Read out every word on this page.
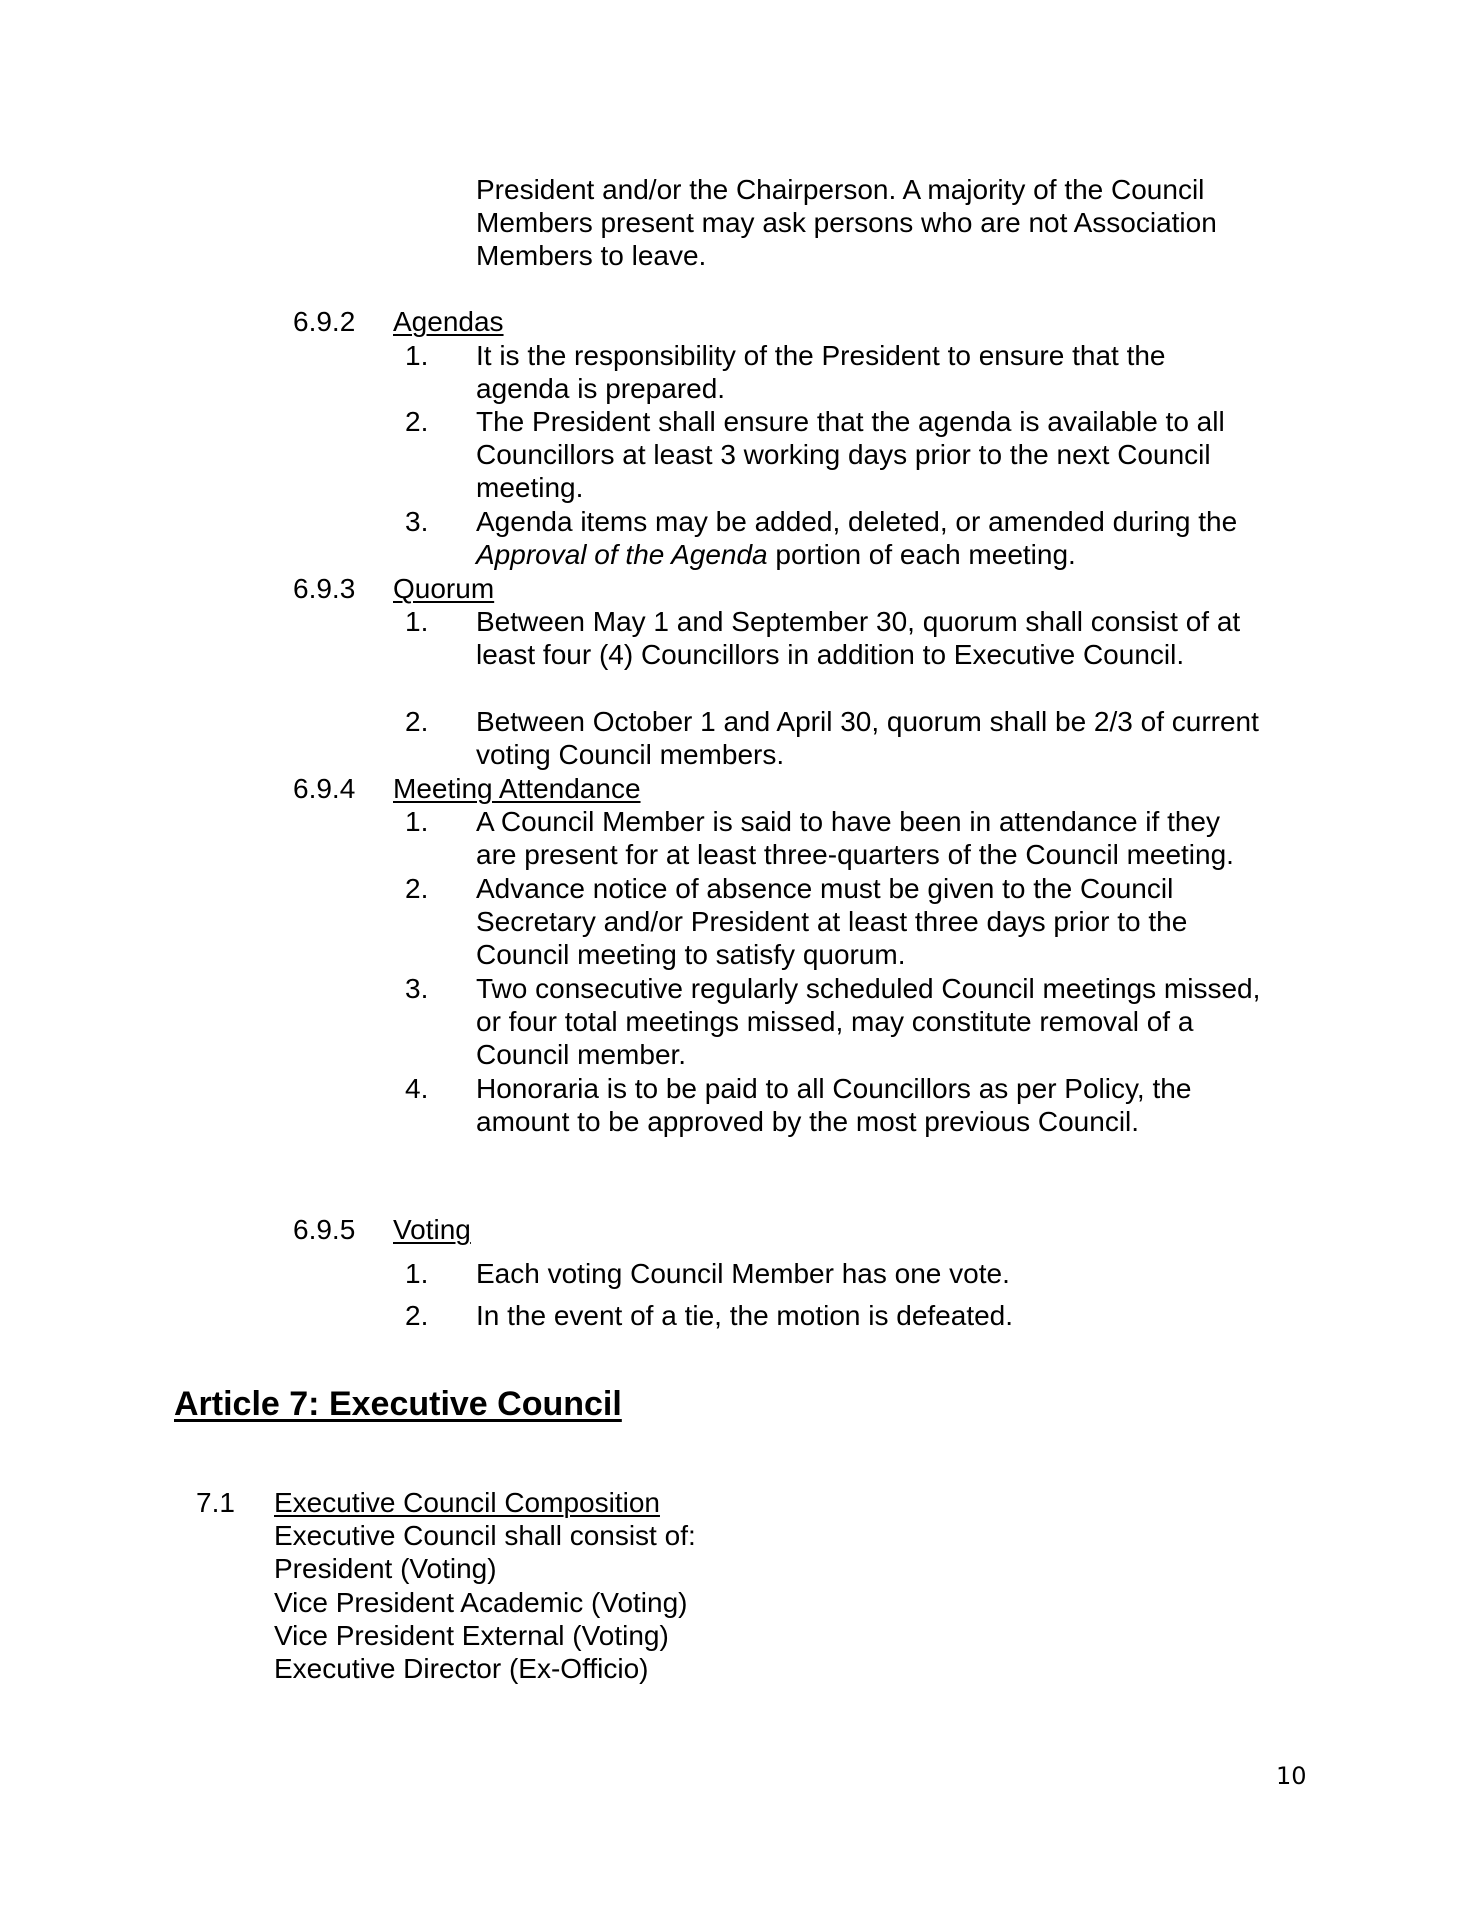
President and/or the Chairperson. A majority of the Council
Members present may ask persons who are not Association
Members to leave.
6.9.2 Agendas
1. It is the responsibility of the President to ensure that the
agenda is prepared.
2. The President shall ensure that the agenda is available to all
Councillors at least 3 working days prior to the next Council
meeting.
3. Agenda items may be added, deleted, or amended during the
Approval of the Agenda portion of each meeting.
6.9.3 Quorum
1. Between May 1 and September 30, quorum shall consist of at
least four (4) Councillors in addition to Executive Council.
2. Between October 1 and April 30, quorum shall be 2/3 of current
voting Council members.
6.9.4 Meeting Attendance
1. A Council Member is said to have been in attendance if they
are present for at least three-quarters of the Council meeting.
2. Advance notice of absence must be given to the Council
Secretary and/or President at least three days prior to the
Council meeting to satisfy quorum.
3. Two consecutive regularly scheduled Council meetings missed,
or four total meetings missed, may constitute removal of a
Council member.
4. Honoraria is to be paid to all Councillors as per Policy, the
amount to be approved by the most previous Council.
6.9.5 Voting
1. Each voting Council Member has one vote.
2. In the event of a tie, the motion is defeated.
Article 7: Executive Council
7.1 Executive Council Composition
Executive Council shall consist of:
President (Voting)
Vice President Academic (Voting)
Vice President External (Voting)
Executive Director (Ex-Officio)
10
